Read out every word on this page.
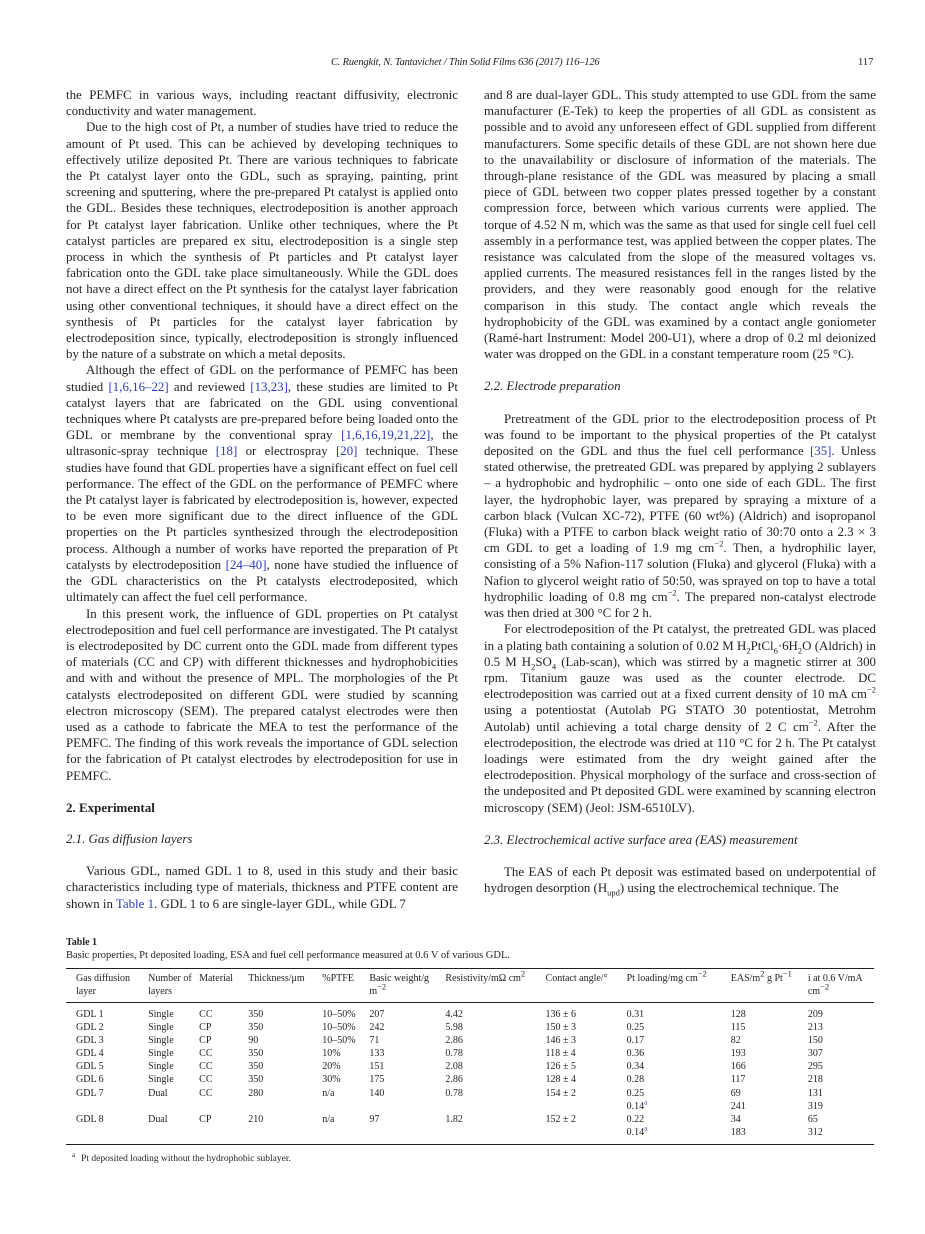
C. Ruengkit, N. Tantavichet / Thin Solid Films 636 (2017) 116–126	117

the PEMFC in various ways, including reactant diffusivity, electronic conductivity and water management.

Due to the high cost of Pt, a number of studies have tried to reduce the amount of Pt used. This can be achieved by developing techniques to effectively utilize deposited Pt. There are various techniques to fabricate the Pt catalyst layer onto the GDL, such as spraying, painting, print screening and sputtering, where the pre-prepared Pt catalyst is applied onto the GDL. Besides these techniques, electrodeposition is another approach for Pt catalyst layer fabrication. Unlike other techniques, where the Pt catalyst particles are prepared ex situ, electrodeposition is a single step process in which the synthesis of Pt particles and Pt catalyst layer fabrication onto the GDL take place simultaneously. While the GDL does not have a direct effect on the Pt synthesis for the catalyst layer fabrication using other conventional techniques, it should have a direct effect on the synthesis of Pt particles for the catalyst layer fabrication by electrodeposition since, typically, electrodeposition is strongly influenced by the nature of a substrate on which a metal deposits.

Although the effect of GDL on the performance of PEMFC has been studied [1,6,16–22] and reviewed [13,23], these studies are limited to Pt catalyst layers that are fabricated on the GDL using conventional techniques where Pt catalysts are pre-prepared before being loaded onto the GDL or membrane by the conventional spray [1,6,16,19,21,22], the ultrasonic-spray technique [18] or electrospray [20] technique. These studies have found that GDL properties have a significant effect on fuel cell performance. The effect of the GDL on the performance of PEMFC where the Pt catalyst layer is fabricated by electrodeposition is, however, expected to be even more significant due to the direct influence of the GDL properties on the Pt particles synthesized through the electrodeposition process. Although a number of works have reported the preparation of Pt catalysts by electrodeposition [24–40], none have studied the influence of the GDL characteristics on the Pt catalysts electrodeposited, which ultimately can affect the fuel cell performance.

In this present work, the influence of GDL properties on Pt catalyst electrodeposition and fuel cell performance are investigated. The Pt catalyst is electrodeposited by DC current onto the GDL made from different types of materials (CC and CP) with different thicknesses and hydrophobicities and with and without the presence of MPL. The morphologies of the Pt catalysts electrodeposited on different GDL were studied by scanning electron microscopy (SEM). The prepared catalyst electrodes were then used as a cathode to fabricate the MEA to test the performance of the PEMFC. The finding of this work reveals the importance of GDL selection for the fabrication of Pt catalyst electrodes by electrodeposition for use in PEMFC.

2. Experimental
2.1. Gas diffusion layers

Various GDL, named GDL 1 to 8, used in this study and their basic characteristics including type of materials, thickness and PTFE content are shown in Table 1. GDL 1 to 6 are single-layer GDL, while GDL 7

and 8 are dual-layer GDL. This study attempted to use GDL from the same manufacturer (E-Tek) to keep the properties of all GDL as consistent as possible and to avoid any unforeseen effect of GDL supplied from different manufacturers. Some specific details of these GDL are not shown here due to the unavailability or disclosure of information of the materials. The through-plane resistance of the GDL was measured by placing a small piece of GDL between two copper plates pressed together by a constant compression force, between which various currents were applied. The torque of 4.52 N m, which was the same as that used for single cell fuel cell assembly in a performance test, was applied between the copper plates. The resistance was calculated from the slope of the measured voltages vs. applied currents. The measured resistances fell in the ranges listed by the providers, and they were reasonably good enough for the relative comparison in this study. The contact angle which reveals the hydrophobicity of the GDL was examined by a contact angle goniometer (Ramé-hart Instrument: Model 200-U1), where a drop of 0.2 ml deionized water was dropped on the GDL in a constant temperature room (25 °C).

2.2. Electrode preparation

Pretreatment of the GDL prior to the electrodeposition process of Pt was found to be important to the physical properties of the Pt catalyst deposited on the GDL and thus the fuel cell performance [35]. Unless stated otherwise, the pretreated GDL was prepared by applying 2 sublayers – a hydrophobic and hydrophilic – onto one side of each GDL. The first layer, the hydrophobic layer, was prepared by spraying a mixture of a carbon black (Vulcan XC-72), PTFE (60 wt%) (Aldrich) and isopropanol (Fluka) with a PTFE to carbon black weight ratio of 30:70 onto a 2.3 × 3 cm GDL to get a loading of 1.9 mg $cm^{-2}$. Then, a hydrophilic layer, consisting of a 5% Nafion-117 solution (Fluka) and glycerol (Fluka) with a Nafion to glycerol weight ratio of 50:50, was sprayed on top to have a total hydrophilic loading of 0.8 mg $cm^{-2}$. The prepared non-catalyst electrode was then dried at 300 °C for 2 h.

For electrodeposition of the Pt catalyst, the pretreated GDL was placed in a plating bath containing a solution of 0.02 M $H_2PtCl_6\cdot 6H_2O$ (Aldrich) in 0.5 M $H_2SO_4$ (Lab-scan), which was stirred by a magnetic stirrer at 300 rpm. Titanium gauze was used as the counter electrode. DC electrodeposition was carried out at a fixed current density of 10 mA $cm^{-2}$ using a potentiostat (Autolab PG STATO 30 potentiostat, Metrohm Autolab) until achieving a total charge density of 2 C $cm^{-2}$. After the electrodeposition, the electrode was dried at 110 °C for 2 h. The Pt catalyst loadings were estimated from the dry weight gained after the electrodeposition. Physical morphology of the surface and cross-section of the undeposited and Pt deposited GDL were examined by scanning electron microscopy (SEM) (Jeol: JSM-6510LV).

2.3. Electrochemical active surface area (EAS) measurement

The EAS of each Pt deposit was estimated based on underpotential of hydrogen desorption $(H_{upd})$ using the electrochemical technique. The

Table 1
Basic properties, Pt deposited loading, ESA and fuel cell performance measured at 0.6 V of various GDL.
Gas diffusion layer	Number of layers	Material	Thickness/μm	%PTFE	Basic weight/g $m^{-2}$	Resistivity/mΩ $cm^2$	Contact angle/°	Pt loading/mg $cm^{-2}$	EAS/$m^2$ g $Pt^{-1}$	i at 0.6 V/mA $cm^{-2}$
GDL 1	Single	CC	350	10–50%	207	4.42	136 ± 6	0.31	128	209
GDL 2	Single	CP	350	10–50%	242	5.98	150 ± 3	0.25	115	213
GDL 3	Single	CP	90	10–50%	71	2.86	146 ± 3	0.17	82	150
GDL 4	Single	CC	350	10%	133	0.78	118 ± 4	0.36	193	307
GDL 5	Single	CC	350	20%	151	2.08	126 ± 5	0.34	166	295
GDL 6	Single	CC	350	30%	175	2.86	128 ± 4	0.28	117	218
GDL 7	Dual	CC	280	n/a	140	0.78	154 ± 2	0.25	69	131
								0.14$^a$	241	319
GDL 8	Dual	CP	210	n/a	97	1.82	152 ± 2	0.22	34	65
								0.14$^a$	183	312
$^a$ Pt deposited loading without the hydrophobic sublayer.
